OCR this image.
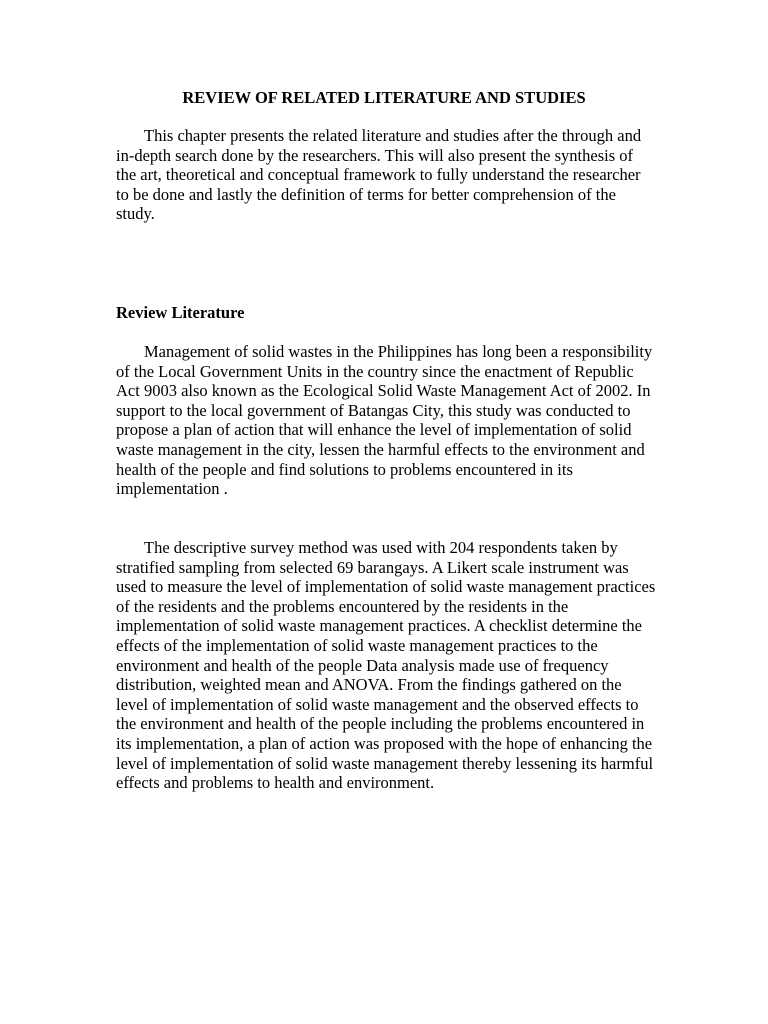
REVIEW OF RELATED LITERATURE AND STUDIES

This chapter presents the related literature and studies after the through and in-depth search done by the researchers. This will also present the synthesis of the art, theoretical and conceptual framework to fully understand the researcher to be done and lastly the definition of terms for better comprehension of the study.

Review Literature

Management of solid wastes in the Philippines has long been a responsibility of the Local Government Units in the country since the enactment of Republic Act 9003 also known as the Ecological Solid Waste Management Act of 2002. In support to the local government of Batangas City, this study was conducted to propose a plan of action that will enhance the level of implementation of solid waste management in the city, lessen the harmful effects to the environment and health of the people and find solutions to problems encountered in its implementation .

The descriptive survey method was used with 204 respondents taken by stratified sampling from selected 69 barangays. A Likert scale instrument was used to measure the level of implementation of solid waste management practices of the residents and the problems encountered by the residents in the implementation of solid waste management practices. A checklist determine the effects of the implementation of solid waste management practices to the environment and health of the people Data analysis made use of frequency distribution, weighted mean and ANOVA. From the findings gathered on the level of implementation of solid waste management and the observed effects to the environment and health of the people including the problems encountered in its implementation, a plan of action was proposed with the hope of enhancing the level of implementation of solid waste management thereby lessening its harmful effects and problems to health and environment.
